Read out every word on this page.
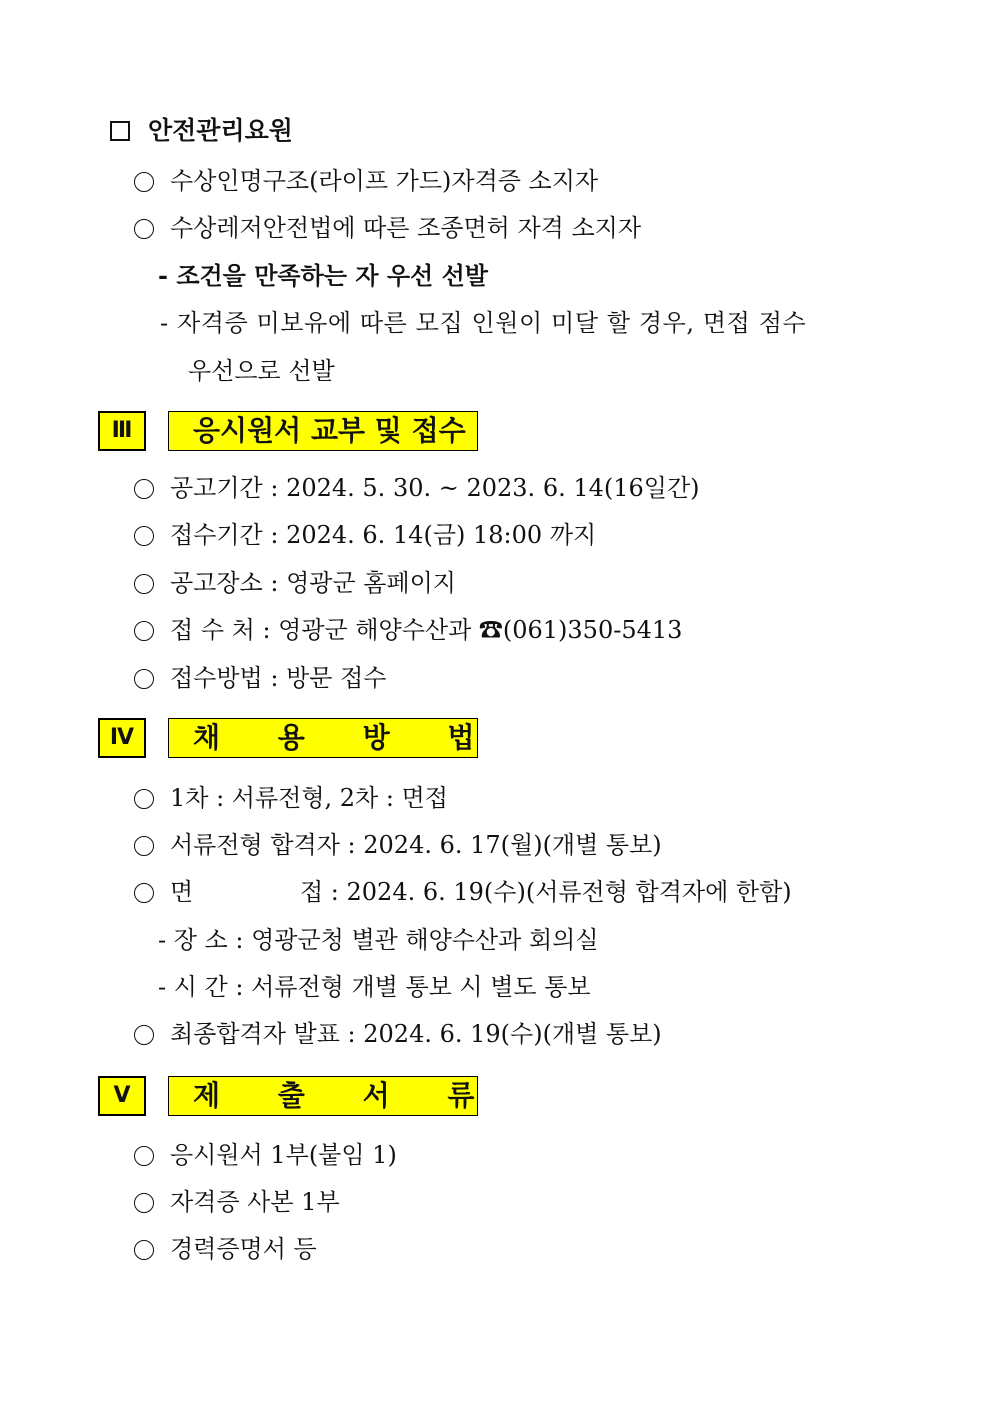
안전관리요원
수상인명구조(라이프 가드)자격증 소지자
수상레저안전법에 따른 조종면허 자격 소지자
- 조건을 만족하는 자 우선 선발
- 자격증 미보유에 따른 모집 인원이 미달 할 경우, 면접 점수
우선으로 선발
Ⅲ	응시원서 교부 및 접수
공고기간 : 2024. 5. 30. ~ 2023. 6. 14(16일간)
접수기간 : 2024. 6. 14(금) 18:00 까지
공고장소 : 영광군 홈페이지
접 수 처 : 영광군 해양수산과 ☎(061)350-5413
접수방법 : 방문 접수
Ⅳ	채 용 방 법
1차 : 서류전형, 2차 : 면접
서류전형 합격자 : 2024. 6. 17(월)(개별 통보)
면              접 : 2024. 6. 19(수)(서류전형 합격자에 한함)
- 장 소 : 영광군청 별관 해양수산과 회의실
- 시 간 : 서류전형 개별 통보 시 별도 통보
최종합격자 발표 : 2024. 6. 19(수)(개별 통보)
Ⅴ	제 출 서 류
응시원서 1부(붙임 1)
자격증 사본 1부
경력증명서 등
